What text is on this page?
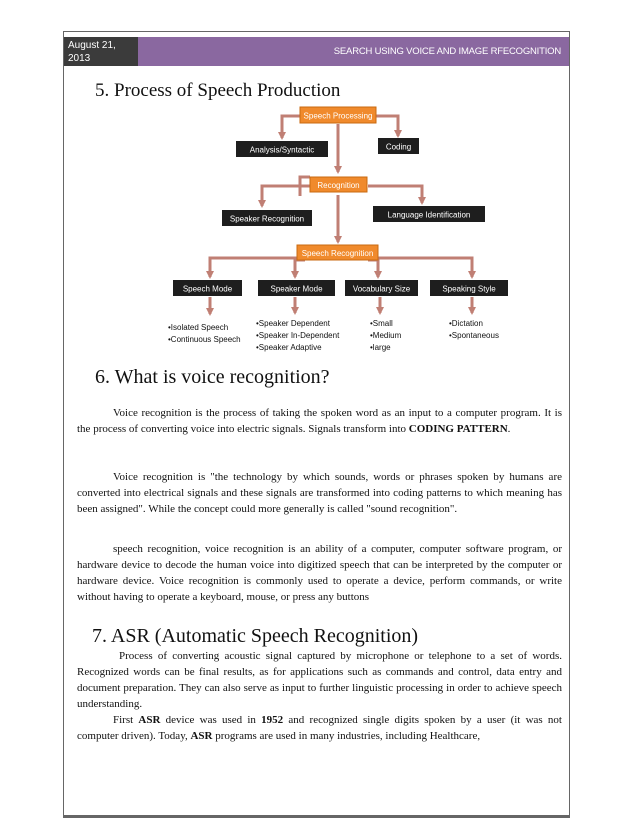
August 21,
2013
SEARCH USING VOICE AND IMAGE RFECOGNITION
5. Process of Speech Production
Speech Processing
Analysis/Syntactic	Coding
Recognition
Speaker Recognition	Language Identification
Speech Recognition
Speech Mode	Speaker Mode	Vocabulary Size	Speaking Style
•Isolated Speech
•Continuous Speech
•Speaker Dependent
•Speaker In-Dependent
•Speaker Adaptive
•Small
•Medium
•large
•Dictation
•Spontaneous
6. What is voice recognition?

Voice recognition is the process of taking the spoken word as an input to a computer program. It is the process of converting voice into electric signals. Signals transform into CODING PATTERN.

Voice recognition is "the technology by which sounds, words or phrases spoken by humans are converted into electrical signals and these signals are transformed into coding patterns to which meaning has been assigned". While the concept could more generally is called "sound recognition".

speech recognition, voice recognition is an ability of a computer, computer software program, or hardware device to decode the human voice into digitized speech that can be interpreted by the computer or hardware device. Voice recognition is commonly used to operate a device, perform commands, or write without having to operate a keyboard, mouse, or press any buttons

7. ASR (Automatic Speech Recognition)

Process of converting acoustic signal captured by microphone or telephone to a set of words. Recognized words can be final results, as for applications such as commands and control, data entry and document preparation. They can also serve as input to further linguistic processing in order to achieve speech understanding.

First ASR device was used in 1952 and recognized single digits spoken by a user (it was not computer driven). Today, ASR programs are used in many industries, including Healthcare,
